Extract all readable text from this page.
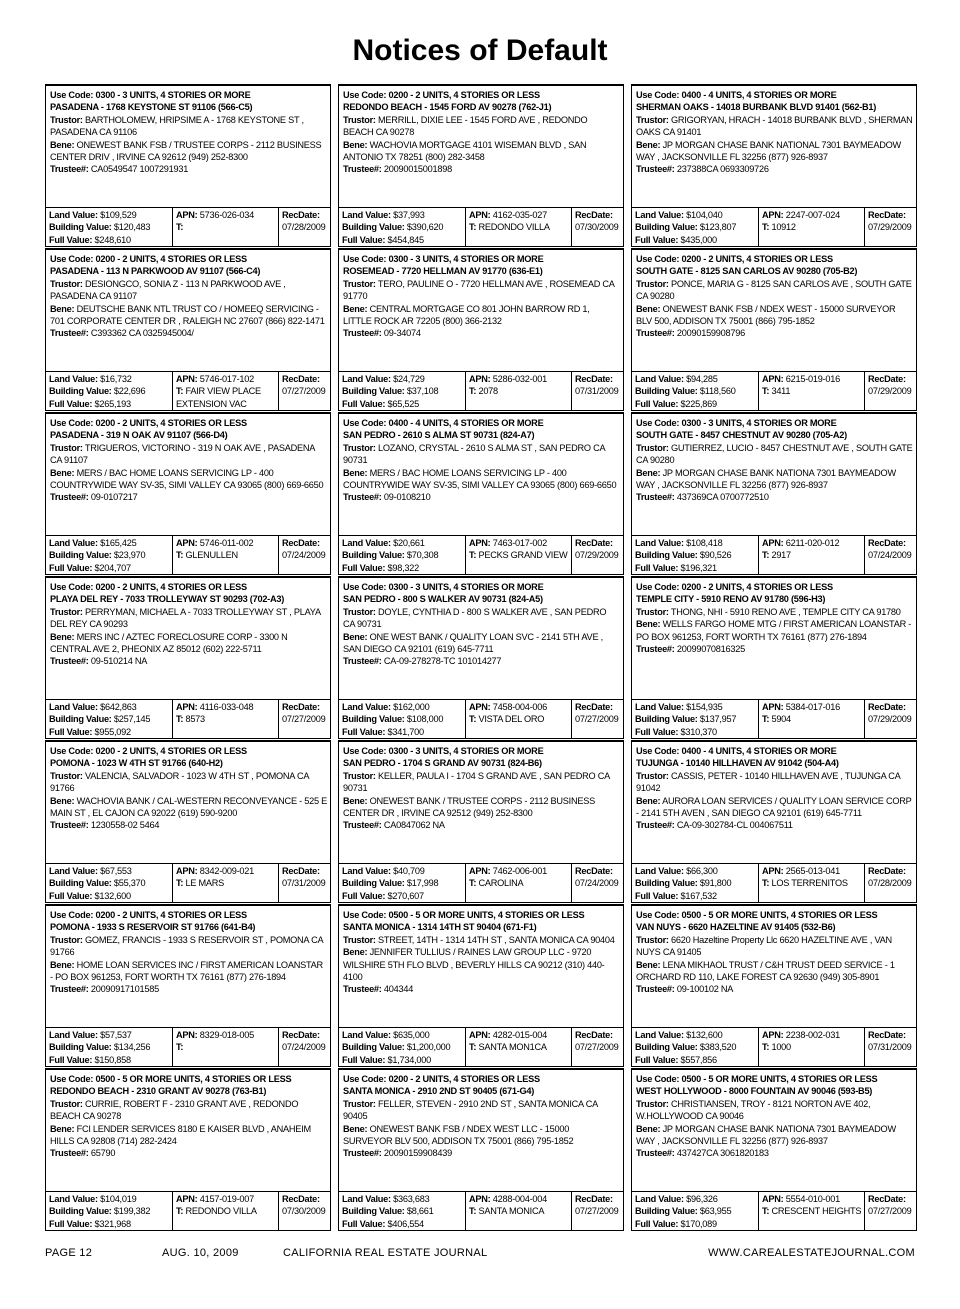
Notices of Default
Use Code: 0300 - 3 UNITS, 4 STORIES OR MORE
PASADENA - 1768 KEYSTONE ST 91106 (566-C5)
Trustor: BARTHOLOMEW, HRIPSIME A - 1768 KEYSTONE ST , PASADENA CA 91106
Bene: ONEWEST BANK FSB / TRUSTEE CORPS - 2112 BUSINESS CENTER DRIV , IRVINE CA 92612 (949) 252-8300
Trustee#: CA0549547 1007291931
Land Value: $109,529
Building Value: $120,483
Full Value: $248,610
APN: 5736-026-034
T:
RecDate:
07/28/2009
Use Code: 0200 - 2 UNITS, 4 STORIES OR LESS
PASADENA - 113 N PARKWOOD AV 91107 (566-C4)
Trustor: DESIONGCO, SONIA Z - 113 N PARKWOOD AVE , PASADENA CA 91107
Bene: DEUTSCHE BANK NTL TRUST CO / HOMEEQ SERVICING - 701 CORPORATE CENTER DR , RALEIGH NC 27607 (866) 822-1471
Trustee#: C393362 CA 0325945004/
Land Value: $16,732
Building Value: $22,696
Full Value: $265,193
APN: 5746-017-102
T: FAIR VIEW PLACE
EXTENSION VAC
RecDate:
07/27/2009
Use Code: 0200 - 2 UNITS, 4 STORIES OR LESS
PASADENA - 319 N OAK AV 91107 (566-D4)
Trustor: TRIGUEROS, VICTORINO - 319 N OAK AVE , PASADENA CA 91107
Bene: MERS / BAC HOME LOANS SERVICING LP - 400 COUNTRYWIDE WAY SV-35, SIMI VALLEY CA 93065 (800) 669-6650
Trustee#: 09-0107217
Land Value: $165,425
Building Value: $23,970
Full Value: $204,707
APN: 5746-011-002
T: GLENULLEN
RecDate:
07/24/2009
Use Code: 0200 - 2 UNITS, 4 STORIES OR LESS
PLAYA DEL REY - 7033 TROLLEYWAY ST 90293 (702-A3)
Trustor: PERRYMAN, MICHAEL A - 7033 TROLLEYWAY ST , PLAYA DEL REY CA 90293
Bene: MERS INC / AZTEC FORECLOSURE CORP - 3300 N CENTRAL AVE 2, PHEONIX AZ 85012 (602) 222-5711
Trustee#: 09-510214 NA
Land Value: $642,863
Building Value: $257,145
Full Value: $955,092
APN: 4116-033-048
T: 8573
RecDate:
07/27/2009
Use Code: 0200 - 2 UNITS, 4 STORIES OR LESS
POMONA - 1023 W 4TH ST 91766 (640-H2)
Trustor: VALENCIA, SALVADOR - 1023 W 4TH ST , POMONA CA 91766
Bene: WACHOVIA BANK / CAL-WESTERN RECONVEYANCE - 525 E MAIN ST , EL CAJON CA 92022 (619) 590-9200
Trustee#: 1230558-02 5464
Land Value: $67,553
Building Value: $55,370
Full Value: $132,600
APN: 8342-009-021
T: LE MARS
RecDate:
07/31/2009
Use Code: 0200 - 2 UNITS, 4 STORIES OR LESS
POMONA - 1933 S RESERVOIR ST 91766 (641-B4)
Trustor: GOMEZ, FRANCIS - 1933 S RESERVOIR ST , POMONA CA 91766
Bene: HOME LOAN SERVICES INC / FIRST AMERICAN LOANSTAR - PO BOX 961253, FORT WORTH TX 76161 (877) 276-1894
Trustee#: 20090917101585
Land Value: $57,537
Building Value: $134,256
Full Value: $150,858
APN: 8329-018-005
T:
RecDate:
07/24/2009
Use Code: 0500 - 5 OR MORE UNITS, 4 STORIES OR LESS
REDONDO BEACH - 2310 GRANT AV 90278 (763-B1)
Trustor: CURRIE, ROBERT F - 2310 GRANT AVE , REDONDO BEACH CA 90278
Bene: FCI LENDER SERVICES 8180 E KAISER BLVD , ANAHEIM HILLS CA 92808 (714) 282-2424
Trustee#: 65790
Land Value: $104,019
Building Value: $199,382
Full Value: $321,968
APN: 4157-019-007
T: REDONDO VILLA
RecDate:
07/30/2009
Use Code: 0200 - 2 UNITS, 4 STORIES OR LESS
REDONDO BEACH - 1545 FORD AV 90278 (762-J1)
Trustor: MERRILL, DIXIE LEE - 1545 FORD AVE , REDONDO BEACH CA 90278
Bene: WACHOVIA MORTGAGE 4101 WISEMAN BLVD , SAN ANTONIO TX 78251 (800) 282-3458
Trustee#: 20090015001898
Land Value: $37,993
Building Value: $390,620
Full Value: $454,845
APN: 4162-035-027
T: REDONDO VILLA
RecDate:
07/30/2009
Use Code: 0300 - 3 UNITS, 4 STORIES OR MORE
ROSEMEAD - 7720 HELLMAN AV 91770 (636-E1)
Trustor: TERO, PAULINE O - 7720 HELLMAN AVE , ROSEMEAD CA 91770
Bene: CENTRAL MORTGAGE CO 801 JOHN BARROW RD 1, LITTLE ROCK AR 72205 (800) 366-2132
Trustee#: 09-34074
Land Value: $24,729
Building Value: $37,108
Full Value: $65,525
APN: 5286-032-001
T: 2078
RecDate:
07/31/2009
Use Code: 0400 - 4 UNITS, 4 STORIES OR MORE
SAN PEDRO - 2610 S ALMA ST 90731 (824-A7)
Trustor: LOZANO, CRYSTAL - 2610 S ALMA ST , SAN PEDRO CA 90731
Bene: MERS / BAC HOME LOANS SERVICING LP - 400 COUNTRYWIDE WAY SV-35, SIMI VALLEY CA 93065 (800) 669-6650
Trustee#: 09-0108210
Land Value: $20,661
Building Value: $70,308
Full Value: $98,322
APN: 7463-017-002
T: PECKS GRAND VIEW
RecDate:
07/29/2009
Use Code: 0300 - 3 UNITS, 4 STORIES OR MORE
SAN PEDRO - 800 S WALKER AV 90731 (824-A5)
Trustor: DOYLE, CYNTHIA D - 800 S WALKER AVE , SAN PEDRO CA 90731
Bene: ONE WEST BANK / QUALITY LOAN SVC - 2141 5TH AVE , SAN DIEGO CA 92101 (619) 645-7711
Trustee#: CA-09-278278-TC 101014277
Land Value: $162,000
Building Value: $108,000
Full Value: $341,700
APN: 7458-004-006
T: VISTA DEL ORO
RecDate:
07/27/2009
Use Code: 0300 - 3 UNITS, 4 STORIES OR MORE
SAN PEDRO - 1704 S GRAND AV 90731 (824-B6)
Trustor: KELLER, PAULA I - 1704 S GRAND AVE , SAN PEDRO CA 90731
Bene: ONEWEST BANK / TRUSTEE CORPS - 2112 BUSINESS CENTER DR , IRVINE CA 92512 (949) 252-8300
Trustee#: CA0847062 NA
Land Value: $40,709
Building Value: $17,998
Full Value: $270,607
APN: 7462-006-001
T: CAROLINA
RecDate:
07/24/2009
Use Code: 0500 - 5 OR MORE UNITS, 4 STORIES OR LESS
SANTA MONICA - 1314 14TH ST 90404 (671-F1)
Trustor: STREET, 14TH - 1314 14TH ST , SANTA MONICA CA 90404
Bene: JENNIFER TULLIUS / RAINES LAW GROUP LLC - 9720 WILSHIRE 5TH FLO BLVD , BEVERLY HILLS CA 90212 (310) 440-4100
Trustee#: 404344
Land Value: $635,000
Building Value: $1,200,000
Full Value: $1,734,000
APN: 4282-015-004
T: SANTA MON1CA
RecDate:
07/27/2009
Use Code: 0200 - 2 UNITS, 4 STORIES OR LESS
SANTA MONICA - 2910 2ND ST 90405 (671-G4)
Trustor: FELLER, STEVEN - 2910 2ND ST , SANTA MONICA CA 90405
Bene: ONEWEST BANK FSB / NDEX WEST LLC - 15000 SURVEYOR BLV 500, ADDISON TX 75001 (866) 795-1852
Trustee#: 20090159908439
Land Value: $363,683
Building Value: $8,661
Full Value: $406,554
APN: 4288-004-004
T: SANTA MONICA
RecDate:
07/27/2009
Use Code: 0400 - 4 UNITS, 4 STORIES OR MORE
SHERMAN OAKS - 14018 BURBANK BLVD 91401 (562-B1)
Trustor: GRIGORYAN, HRACH - 14018 BURBANK BLVD , SHERMAN OAKS CA 91401
Bene: JP MORGAN CHASE BANK NATIONAL 7301 BAYMEADOW WAY , JACKSONVILLE FL 32256 (877) 926-8937
Trustee#: 237388CA 0693309726
Land Value: $104,040
Building Value: $123,807
Full Value: $435,000
APN: 2247-007-024
T: 10912
RecDate:
07/29/2009
Use Code: 0200 - 2 UNITS, 4 STORIES OR LESS
SOUTH GATE - 8125 SAN CARLOS AV 90280 (705-B2)
Trustor: PONCE, MARIA G - 8125 SAN CARLOS AVE , SOUTH GATE CA 90280
Bene: ONEWEST BANK FSB / NDEX WEST - 15000 SURVEYOR BLV 500, ADDISON TX 75001 (866) 795-1852
Trustee#: 20090159908796
Land Value: $94,285
Building Value: $118,560
Full Value: $225,869
APN: 6215-019-016
T: 3411
RecDate:
07/29/2009
Use Code: 0300 - 3 UNITS, 4 STORIES OR MORE
SOUTH GATE - 8457 CHESTNUT AV 90280 (705-A2)
Trustor: GUTIERREZ, LUCIO - 8457 CHESTNUT AVE , SOUTH GATE CA 90280
Bene: JP MORGAN CHASE BANK NATIONA 7301 BAYMEADOW WAY , JACKSONVILLE FL 32256 (877) 926-8937
Trustee#: 437369CA 0700772510
Land Value: $108,418
Building Value: $90,526
Full Value: $196,321
APN: 6211-020-012
T: 2917
RecDate:
07/24/2009
Use Code: 0200 - 2 UNITS, 4 STORIES OR LESS
TEMPLE CITY - 5910 RENO AV 91780 (596-H3)
Trustor: THONG, NHI - 5910 RENO AVE , TEMPLE CITY CA 91780
Bene: WELLS FARGO HOME MTG / FIRST AMERICAN LOANSTAR - PO BOX 961253, FORT WORTH TX 76161 (877) 276-1894
Trustee#: 20099070816325
Land Value: $154,935
Building Value: $137,957
Full Value: $310,370
APN: 5384-017-016
T: 5904
RecDate:
07/29/2009
Use Code: 0400 - 4 UNITS, 4 STORIES OR MORE
TUJUNGA - 10140 HILLHAVEN AV 91042 (504-A4)
Trustor: CASSIS, PETER - 10140 HILLHAVEN AVE , TUJUNGA CA 91042
Bene: AURORA LOAN SERVICES / QUALITY LOAN SERVICE CORP - 2141 5TH AVEN , SAN DIEGO CA 92101 (619) 645-7711
Trustee#: CA-09-302784-CL 004067511
Land Value: $66,300
Building Value: $91,800
Full Value: $167,532
APN: 2565-013-041
T: LOS TERRENITOS
RecDate:
07/28/2009
Use Code: 0500 - 5 OR MORE UNITS, 4 STORIES OR LESS
VAN NUYS - 6620 HAZELTINE AV 91405 (532-B6)
Trustor: 6620 Hazeltine Property Llc 6620 HAZELTINE AVE , VAN NUYS CA 91405
Bene: LENA MIKHAOL TRUST / C&H TRUST DEED SERVICE - 1 ORCHARD RD 110, LAKE FOREST CA 92630 (949) 305-8901
Trustee#: 09-100102 NA
Land Value: $132,600
Building Value: $383,520
Full Value: $557,856
APN: 2238-002-031
T: 1000
RecDate:
07/31/2009
Use Code: 0500 - 5 OR MORE UNITS, 4 STORIES OR LESS
WEST HOLLYWOOD - 8000 FOUNTAIN AV 90046 (593-B5)
Trustor: CHRISTIANSEN, TROY - 8121 NORTON AVE 402, W.HOLLYWOOD CA 90046
Bene: JP MORGAN CHASE BANK NATIONA 7301 BAYMEADOW WAY , JACKSONVILLE FL 32256 (877) 926-8937
Trustee#: 437427CA 3061820183
Land Value: $96,326
Building Value: $63,955
Full Value: $170,089
APN: 5554-010-001
T: CRESCENT HEIGHTS
RecDate:
07/27/2009
PAGE 12	AUG. 10, 2009	CALIFORNIA REAL ESTATE JOURNAL	WWW.CAREALESTATEJOURNAL.COM
